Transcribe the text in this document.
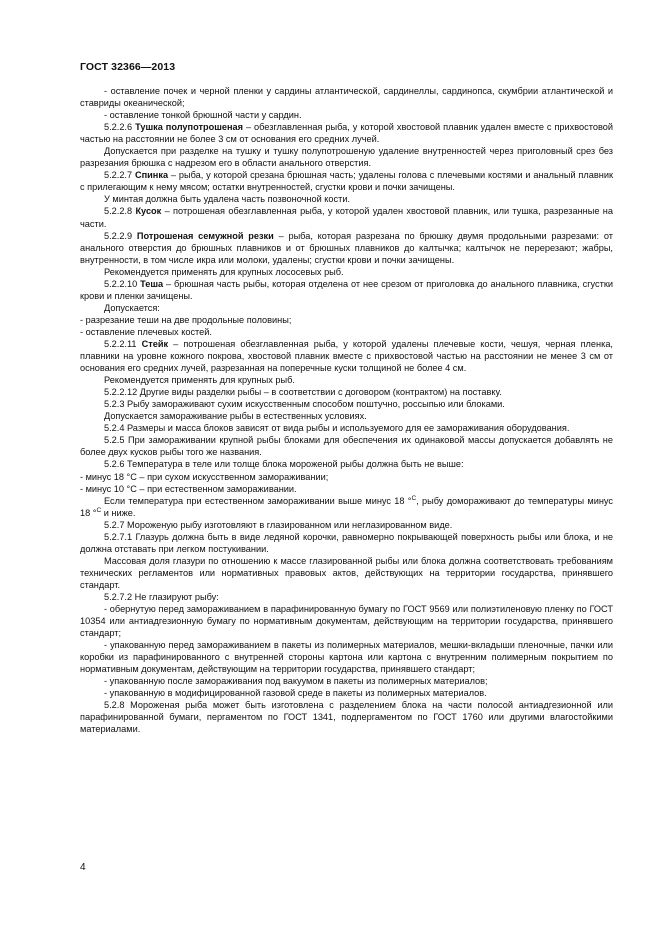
ГОСТ 32366—2013

- оставление почек и черной пленки у сардины атлантической, сардинеллы, сардинопса, скумбрии атлантической и ставриды океанической;

- оставление тонкой брюшной части у сардин.

5.2.2.6 Тушка полупотрошеная – обезглавленная рыба, у которой хвостовой плавник удален вместе с прихвостовой частью на расстоянии не более 3 см от основания его средних лучей.

Допускается при разделке на тушку и тушку полупотрошеную удаление внутренностей через приголовный срез без разрезания брюшка с надрезом его в области анального отверстия.

5.2.2.7 Спинка – рыба, у которой срезана брюшная часть; удалены голова с плечевыми костями и анальный плавник с прилегающим к нему мясом; остатки внутренностей, сгустки крови и почки зачищены.

У минтая должна быть удалена часть позвоночной кости.

5.2.2.8 Кусок – потрошеная обезглавленная рыба, у которой удален хвостовой плавник, или тушка, разрезанные на части.

5.2.2.9 Потрошеная семужной резки – рыба, которая разрезана по брюшку двумя продольными разрезами: от анального отверстия до брюшных плавников и от брюшных плавников до калтычка; калтычок не перерезают; жабры, внутренности, в том числе икра или молоки, удалены; сгустки крови и почки зачищены.

Рекомендуется применять для крупных лососевых рыб.

5.2.2.10 Теша – брюшная часть рыбы, которая отделена от нее срезом от приголовка до анального плавника, сгустки крови и пленки зачищены.

Допускается:

- разрезание теши на две продольные половины;

- оставление плечевых костей.

5.2.2.11 Стейк – потрошеная обезглавленная рыба, у которой удалены плечевые кости, чешуя, черная пленка, плавники на уровне кожного покрова, хвостовой плавник вместе с прихвостовой частью на расстоянии не менее 3 см от основания его средних лучей, разрезанная на поперечные куски толщиной не более 4 см.

Рекомендуется применять для крупных рыб.

5.2.2.12 Другие виды разделки рыбы – в соответствии с договором (контрактом) на поставку.

5.2.3 Рыбу замораживают сухим искусственным способом поштучно, россыпью или блоками.

Допускается замораживание рыбы в естественных условиях.

5.2.4 Размеры и масса блоков зависят от вида рыбы и используемого для ее замораживания оборудования.

5.2.5 При замораживании крупной рыбы блоками для обеспечения их одинаковой массы допускается добавлять не более двух кусков рыбы того же названия.

5.2.6 Температура в теле или толще блока мороженой рыбы должна быть не выше:

- минус 18 °С – при сухом искусственном замораживании;

- минус 10 °С – при естественном замораживании.

Если температура при естественном замораживании выше минус 18 °$^С$, рыбу домораживают до температуры минус 18 °$^С$ и ниже.

5.2.7 Мороженую рыбу изготовляют в глазированном или неглазированном виде.

5.2.7.1 Глазурь должна быть в виде ледяной корочки, равномерно покрывающей поверхность рыбы или блока, и не должна отставать при легком постукивании.

Массовая доля глазури по отношению к массе глазированной рыбы или блока должна соответствовать требованиям технических регламентов или нормативных правовых актов, действующих на территории государства, принявшего стандарт.

5.2.7.2 Не глазируют рыбу:

- обернутую перед замораживанием в парафинированную бумагу по ГОСТ 9569 или полиэтиленовую пленку по ГОСТ 10354 или антиадгезионную бумагу по нормативным документам, действующим на территории государства, принявшего стандарт;

- упакованную перед замораживанием в пакеты из полимерных материалов, мешки-вкладыши пленочные, пачки или коробки из парафинированного с внутренней стороны картона или картона с внутренним полимерным покрытием по нормативным документам, действующим на территории государства, принявшего стандарт;

- упакованную после замораживания под вакуумом в пакеты из полимерных материалов;

- упакованную в модифицированной газовой среде в пакеты из полимерных материалов.

5.2.8 Мороженая рыба может быть изготовлена с разделением блока на части полосой антиадгезионной или парафинированной бумаги, пергаментом по ГОСТ 1341, подпергаментом по ГОСТ 1760 или другими влагостойкими материалами.

4
